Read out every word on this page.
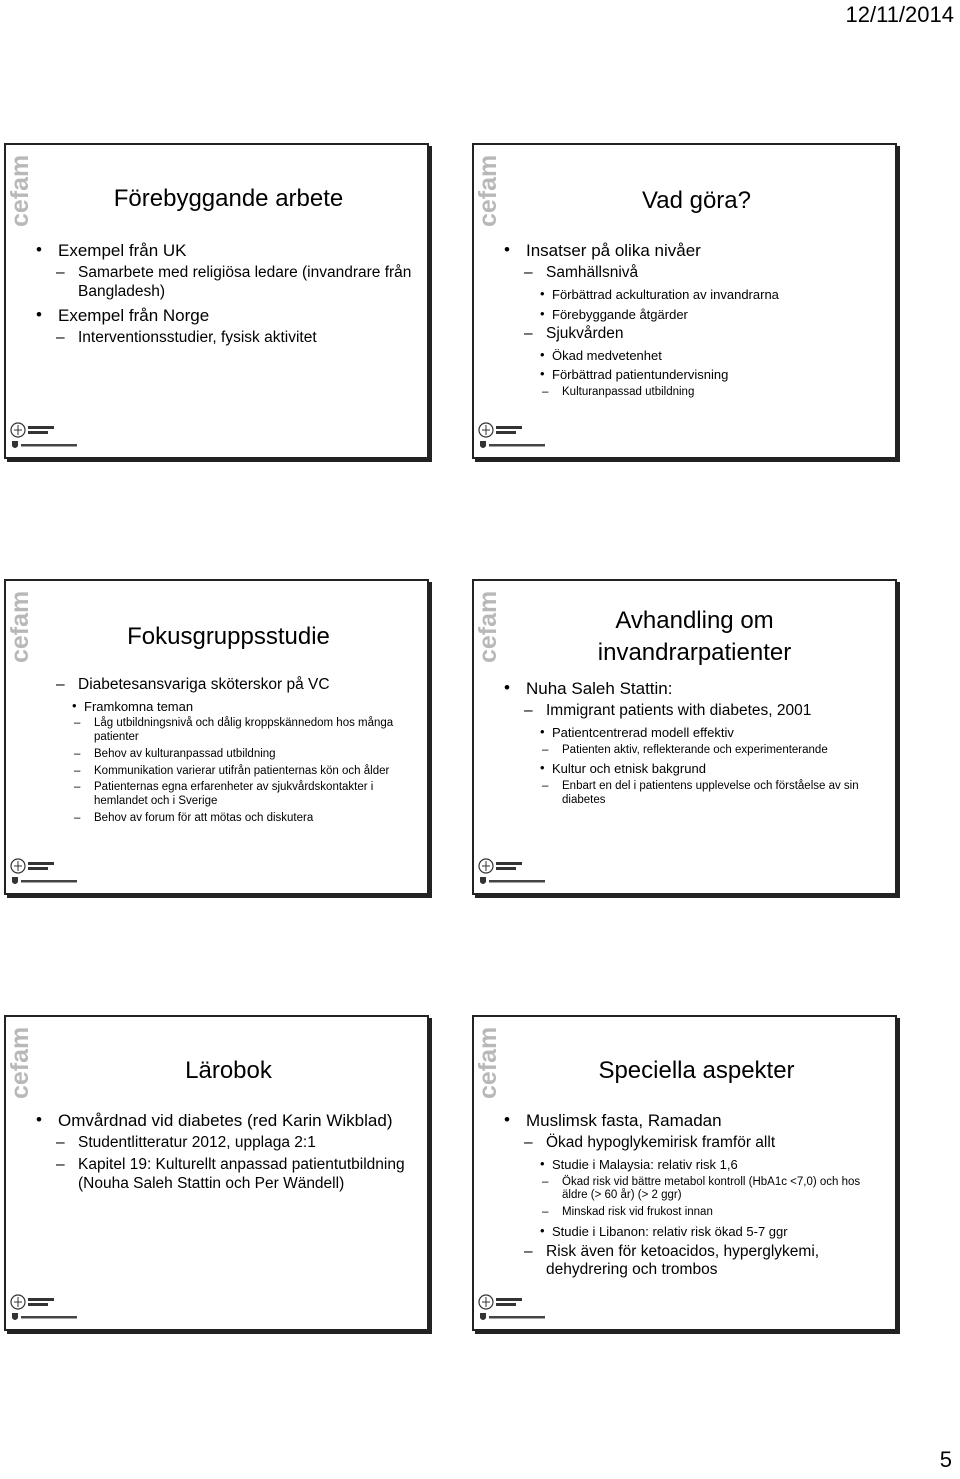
12/11/2014
cefam	Förebyggande arbete
• Exempel från UK
– Samarbete med religiösa ledare (invandrare från Bangladesh)
• Exempel från Norge
– Interventionsstudier, fysisk aktivitet
cefam	Vad göra?
• Insatser på olika nivåer
– Samhällsnivå
• Förbättrad ackulturation av invandrarna
• Förebyggande åtgärder
– Sjukvården
• Ökad medvetenhet
• Förbättrad patientundervisning
– Kulturanpassad utbildning
cefam	Fokusgruppsstudie
– Diabetesansvariga sköterskor på VC
• Framkomna teman
– Låg utbildningsnivå och dålig kroppskännedom hos många patienter
– Behov av kulturanpassad utbildning
– Kommunikation varierar utifrån patienternas kön och ålder
– Patienternas egna erfarenheter av sjukvårdskontakter i hemlandet och i Sverige
– Behov av forum för att mötas och diskutera
cefam	Avhandling om invandrarpatienter
• Nuha Saleh Stattin:
– Immigrant patients with diabetes, 2001
• Patientcentrerad modell effektiv
– Patienten aktiv, reflekterande och experimenterande
• Kultur och etnisk bakgrund
– Enbart en del i patientens upplevelse och förståelse av sin diabetes
cefam	Lärobok
• Omvårdnad vid diabetes (red Karin Wikblad)
– Studentlitteratur 2012, upplaga 2:1
– Kapitel 19: Kulturellt anpassad patientutbildning (Nouha Saleh Stattin och Per Wändell)
cefam	Speciella aspekter
• Muslimsk fasta, Ramadan
– Ökad hypoglykemirisk framför allt
• Studie i Malaysia: relativ risk 1,6
– Ökad risk vid bättre metabol kontroll (HbA1c <7,0) och hos äldre (> 60 år) (> 2 ggr)
– Minskad risk vid frukost innan
• Studie i Libanon: relativ risk ökad 5-7 ggr
– Risk även för ketoacidos, hyperglykemi, dehydrering och trombos
5
